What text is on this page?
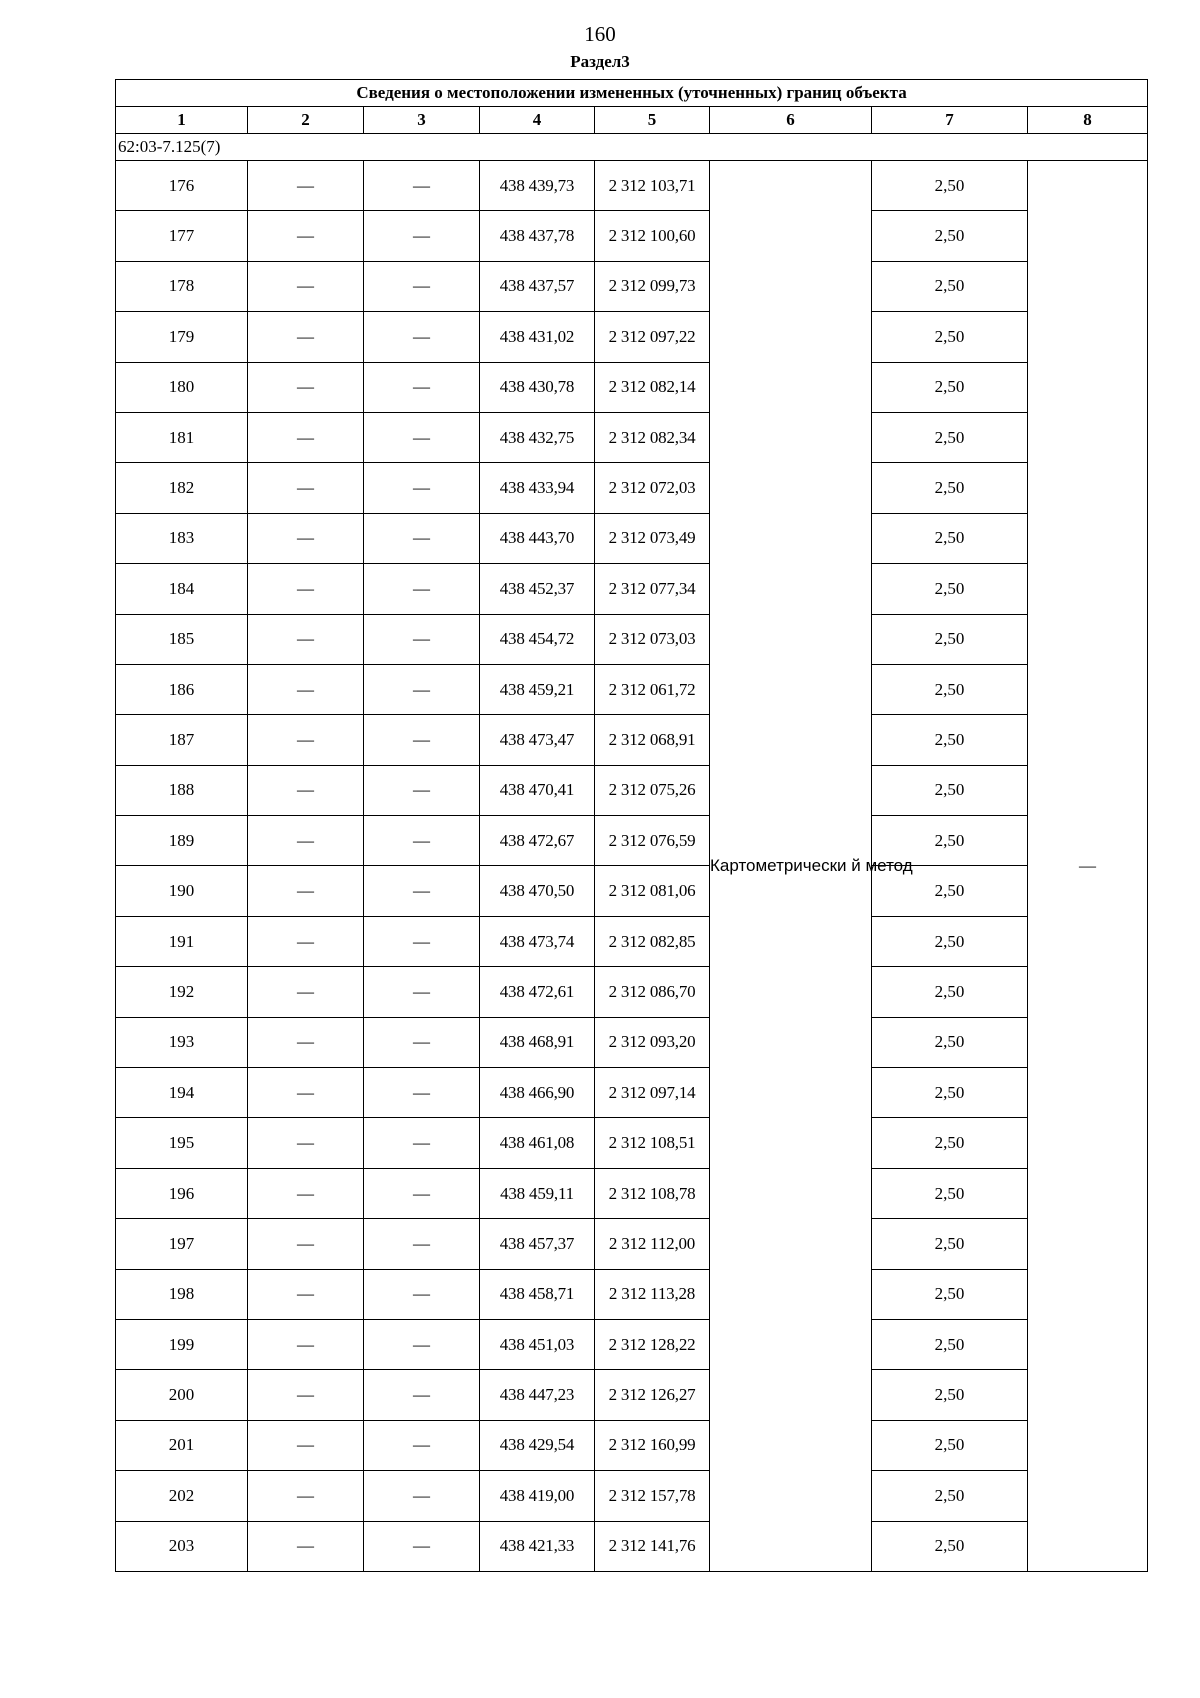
160
Раздел3
Сведения о местоположении измененных (уточненных) границ объекта							
1	2	3	4	5	6	7	8
62:03-7.125(7)							
176	—	—	438 439,73	2 312 103,71	Картометрически й метод	2,50	—
177	—	—	438 437,78	2 312 100,60		2,50	
178	—	—	438 437,57	2 312 099,73		2,50	
179	—	—	438 431,02	2 312 097,22		2,50	
180	—	—	438 430,78	2 312 082,14		2,50	
181	—	—	438 432,75	2 312 082,34		2,50	
182	—	—	438 433,94	2 312 072,03		2,50	
183	—	—	438 443,70	2 312 073,49		2,50	
184	—	—	438 452,37	2 312 077,34		2,50	
185	—	—	438 454,72	2 312 073,03		2,50	
186	—	—	438 459,21	2 312 061,72		2,50	
187	—	—	438 473,47	2 312 068,91		2,50	
188	—	—	438 470,41	2 312 075,26		2,50	
189	—	—	438 472,67	2 312 076,59		2,50	
190	—	—	438 470,50	2 312 081,06		2,50	
191	—	—	438 473,74	2 312 082,85		2,50	
192	—	—	438 472,61	2 312 086,70		2,50	
193	—	—	438 468,91	2 312 093,20		2,50	
194	—	—	438 466,90	2 312 097,14		2,50	
195	—	—	438 461,08	2 312 108,51		2,50	
196	—	—	438 459,11	2 312 108,78		2,50	
197	—	—	438 457,37	2 312 112,00		2,50	
198	—	—	438 458,71	2 312 113,28		2,50	
199	—	—	438 451,03	2 312 128,22		2,50	
200	—	—	438 447,23	2 312 126,27		2,50	
201	—	—	438 429,54	2 312 160,99		2,50	
202	—	—	438 419,00	2 312 157,78		2,50	
203	—	—	438 421,33	2 312 141,76		2,50	
